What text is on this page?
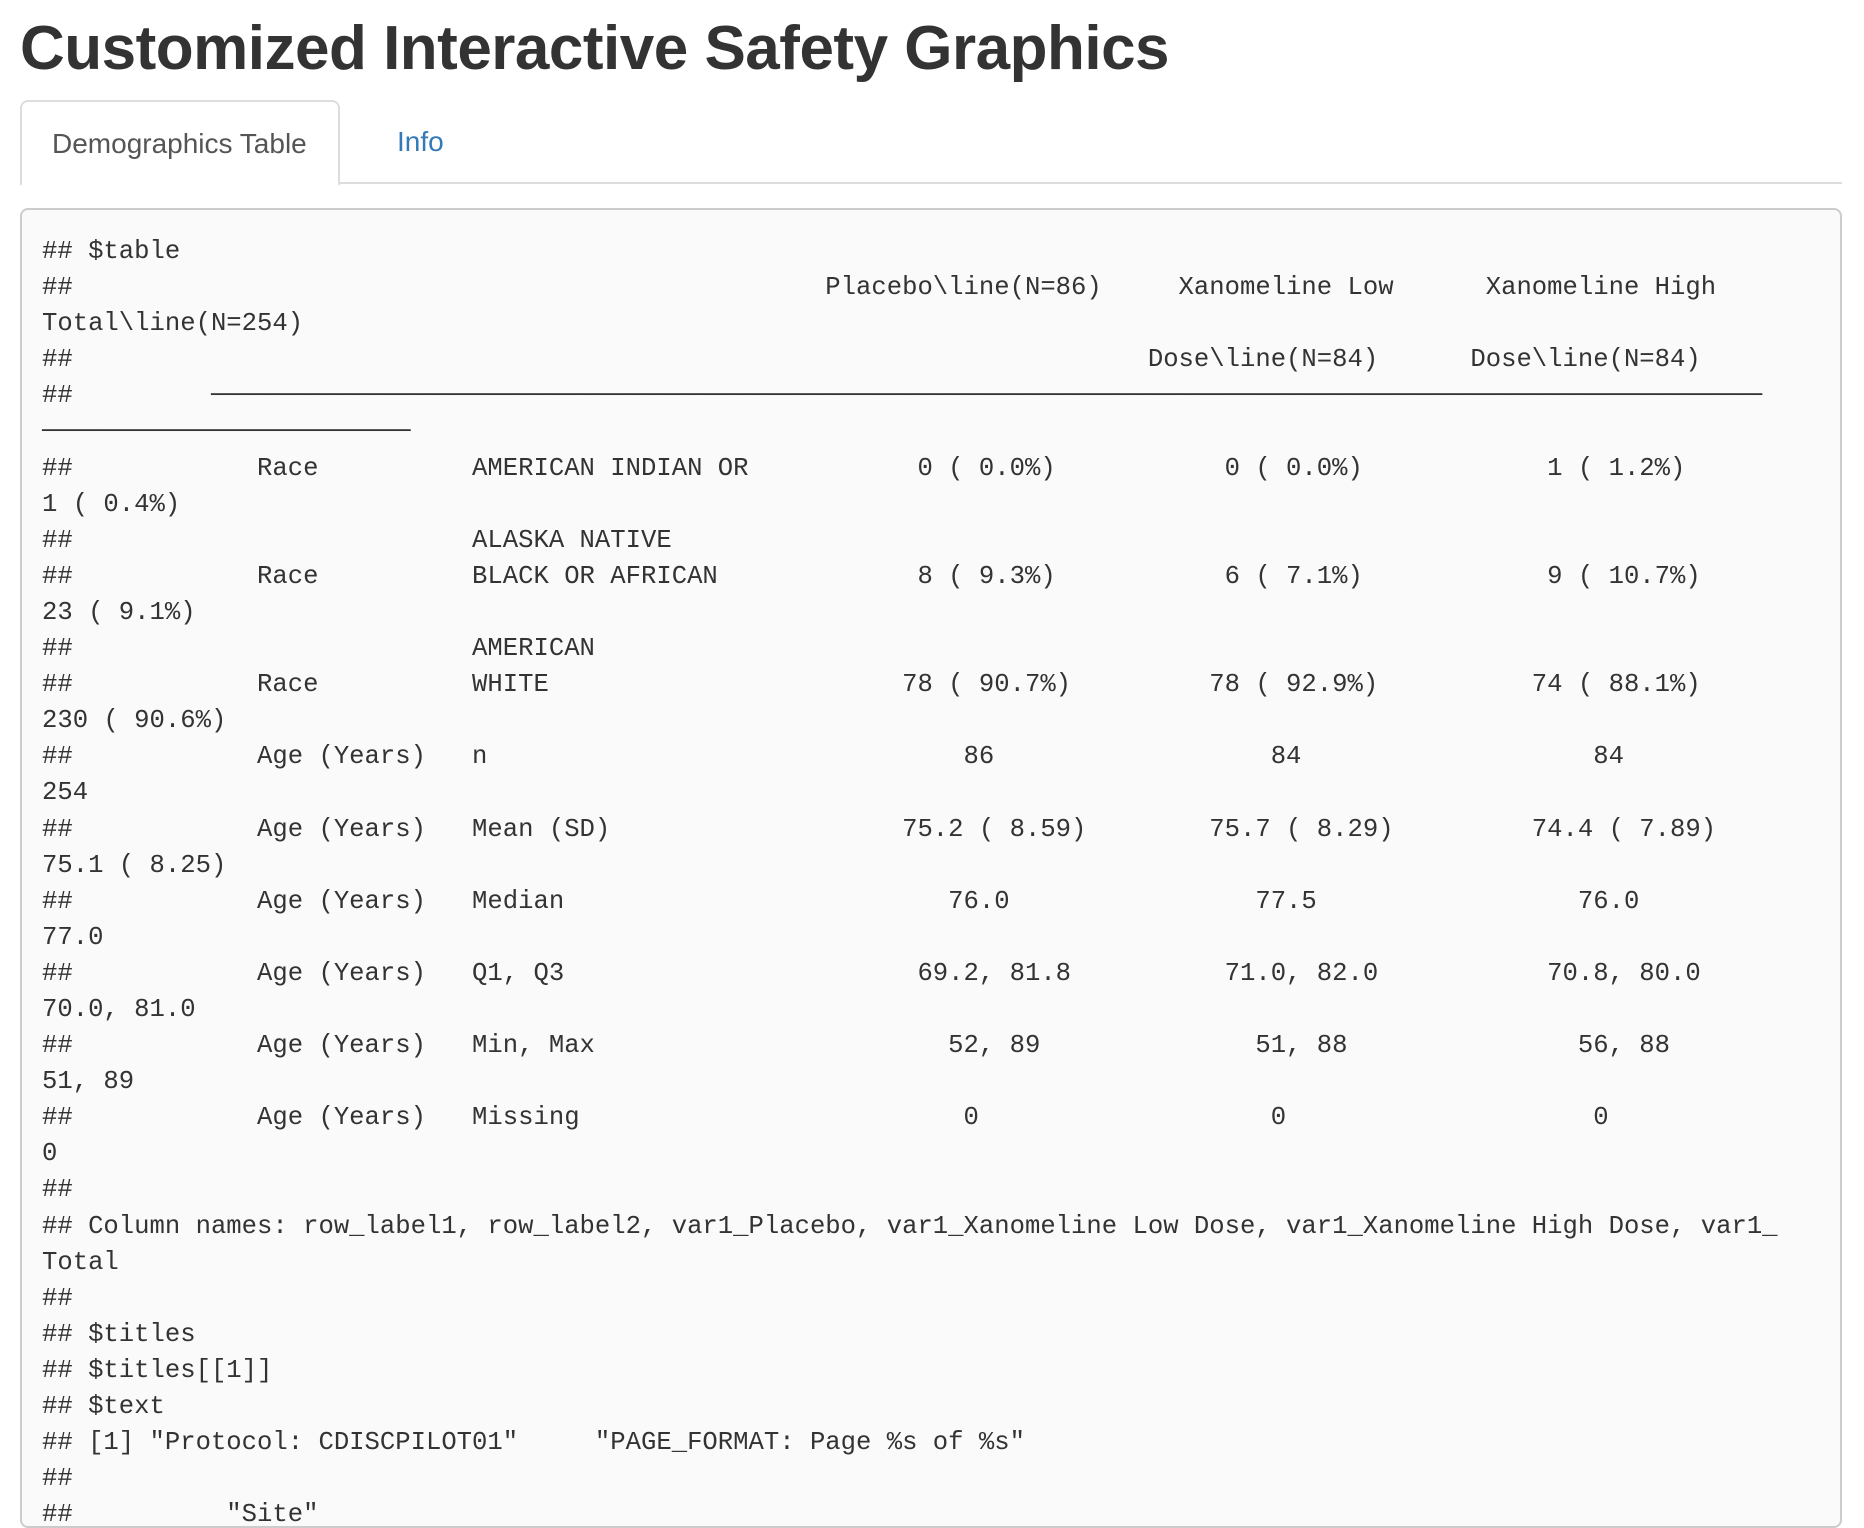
Customized Interactive Safety Graphics
Demographics Table	Info
## $table
##                                                 Placebo\line(N=86)     Xanomeline Low      Xanomeline High
Total\line(N=254)
##                                                                      Dose\line(N=84)      Dose\line(N=84)
##         ─────────────────────────────────────────────────────────────────────────────────────────────────────
────────────────────────
##            Race          AMERICAN INDIAN OR           0 ( 0.0%)           0 ( 0.0%)            1 ( 1.2%)
1 ( 0.4%)
##                          ALASKA NATIVE
##            Race          BLACK OR AFRICAN             8 ( 9.3%)           6 ( 7.1%)            9 ( 10.7%)
23 ( 9.1%)
##                          AMERICAN
##            Race          WHITE                       78 ( 90.7%)         78 ( 92.9%)          74 ( 88.1%)
230 ( 90.6%)
##            Age (Years)   n                               86                  84                   84
254
##            Age (Years)   Mean (SD)                   75.2 ( 8.59)        75.7 ( 8.29)         74.4 ( 7.89)
75.1 ( 8.25)
##            Age (Years)   Median                         76.0                77.5                 76.0
77.0
##            Age (Years)   Q1, Q3                       69.2, 81.8          71.0, 82.0           70.8, 80.0
70.0, 81.0
##            Age (Years)   Min, Max                       52, 89              51, 88               56, 88
51, 89
##            Age (Years)   Missing                         0                   0                    0
0
##
## Column names: row_label1, row_label2, var1_Placebo, var1_Xanomeline Low Dose, var1_Xanomeline High Dose, var1_
Total
##
## $titles
## $titles[[1]]
## $text
## [1] "Protocol: CDISCPILOT01"     "PAGE_FORMAT: Page %s of %s"
##
##          "Site"
